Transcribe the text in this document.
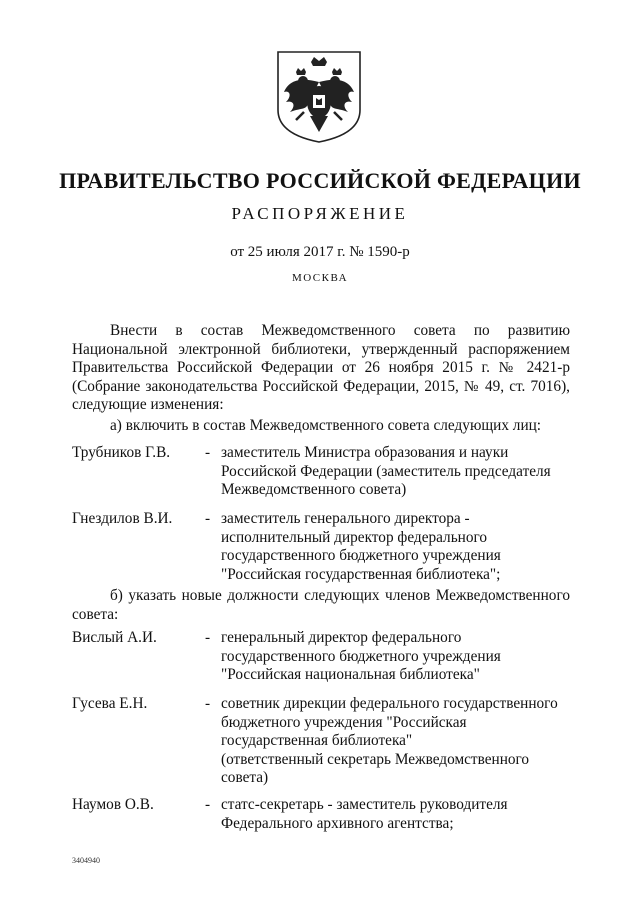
ПРАВИТЕЛЬСТВО РОССИЙСКОЙ ФЕДЕРАЦИИ
РАСПОРЯЖЕНИЕ
от 25 июля 2017 г. № 1590-р
МОСКВА
Внести в состав Межведомственного совета по развитию
Национальной электронной библиотеки, утвержденный распоряжением
Правительства Российской Федерации от 26 ноября 2015 г. № 2421-р
(Собрание законодательства Российской Федерации, 2015, № 49, ст. 7016),
следующие изменения:
а) включить в состав Межведомственного совета следующих лиц:
Трубников Г.В. - заместитель Министра образования и науки
Российской Федерации (заместитель председателя
Межведомственного совета)
Гнездилов В.И. - заместитель генерального директора -
исполнительный директор федерального
государственного бюджетного учреждения
"Российская государственная библиотека";
б) указать новые должности следующих членов Межведомственного
совета:
Вислый А.И.	- генеральный директор федерального
государственного бюджетного учреждения
"Российская национальная библиотека"
Гусева Е.Н.	- советник дирекции федерального государственного
бюджетного учреждения "Российская
государственная библиотека"
(ответственный секретарь Межведомственного
совета)
Наумов О.В.	- статс-секретарь - заместитель руководителя
Федерального архивного агентства;
3404940
